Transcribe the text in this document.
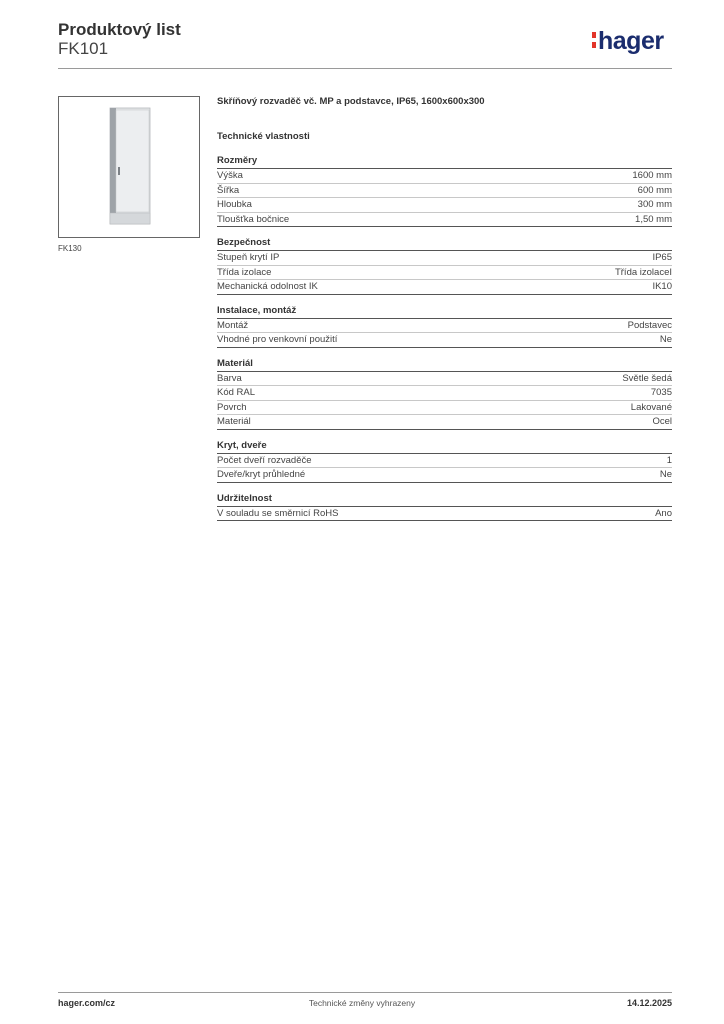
Produktový list
FK101	hager
FK130
Skříňový rozvaděč vč. MP a podstavce, IP65, 1600x600x300
Technické vlastnosti
Rozměry
Výška	1600 mm
Šířka	600 mm
Hloubka	300 mm
Tloušťka bočnice	1,50 mm
Bezpečnost
Stupeň krytí IP	IP65
Třída izolace	Třída izolaceI
Mechanická odolnost IK	IK10
Instalace, montáž
Montáž	Podstavec
Vhodné pro venkovní použití	Ne
Materiál
Barva	Světle šedá
Kód RAL	7035
Povrch	Lakované
Materiál	Ocel
Kryt, dveře
Počet dveří rozvaděče	1
Dveře/kryt průhledné	Ne
Udržitelnost
V souladu se směrnicí RoHS	Ano
hager.com/cz	Technické změny vyhrazeny	14.12.2025
